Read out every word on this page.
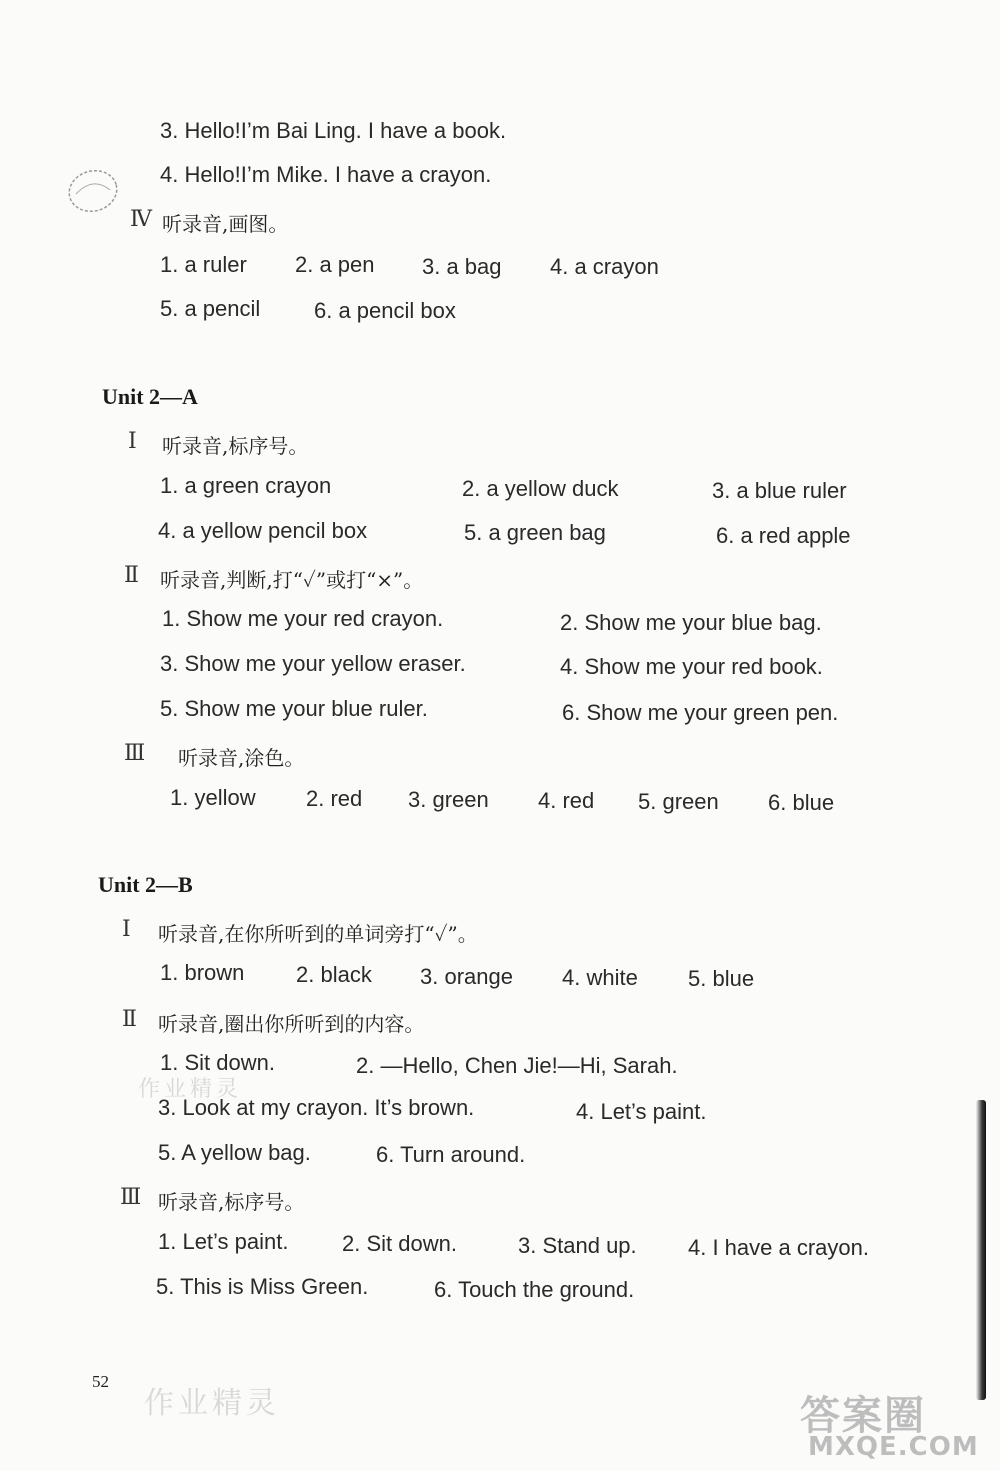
3. Hello!I’m Bai Ling. I have a book.
4. Hello!I’m Mike. I have a crayon.
Ⅳ 听录音,画图。
1. a ruler 2. a pen 3. a bag 4. a crayon
5. a pencil 6. a pencil box
Unit 2—A
Ⅰ 听录音,标序号。
1. a green crayon	2. a yellow duck	3. a blue ruler
4. a yellow pencil box	5. a green bag	6. a red apple
Ⅱ 听录音,判断,打“✓”或打“×”。
1. Show me your red crayon.	2. Show me your blue bag.
3. Show me your yellow eraser.	4. Show me your red book.
5. Show me your blue ruler.	6. Show me your green pen.
Ⅲ 听录音,涂色。
1. yellow 2. red 3. green 4. red 5. green 6. blue
Unit 2—B
Ⅰ 听录音,在你所听到的单词旁打“✓”。
1. brown 2. black 3. orange 4. white 5. blue
Ⅱ 听录音,圈出你所听到的内容。
1. Sit down.	2. —Hello, Chen Jie!—Hi, Sarah.
作业精灵
3. Look at my crayon. It’s brown.	4. Let’s paint.
5. A yellow bag.	6. Turn around.
Ⅲ 听录音,标序号。
1. Let’s paint. 2. Sit down.	3. Stand up. 4. I have a crayon.
5. This is Miss Green.	6. Touch the ground.
52
作业精灵	答案圈
MXQE.COM
